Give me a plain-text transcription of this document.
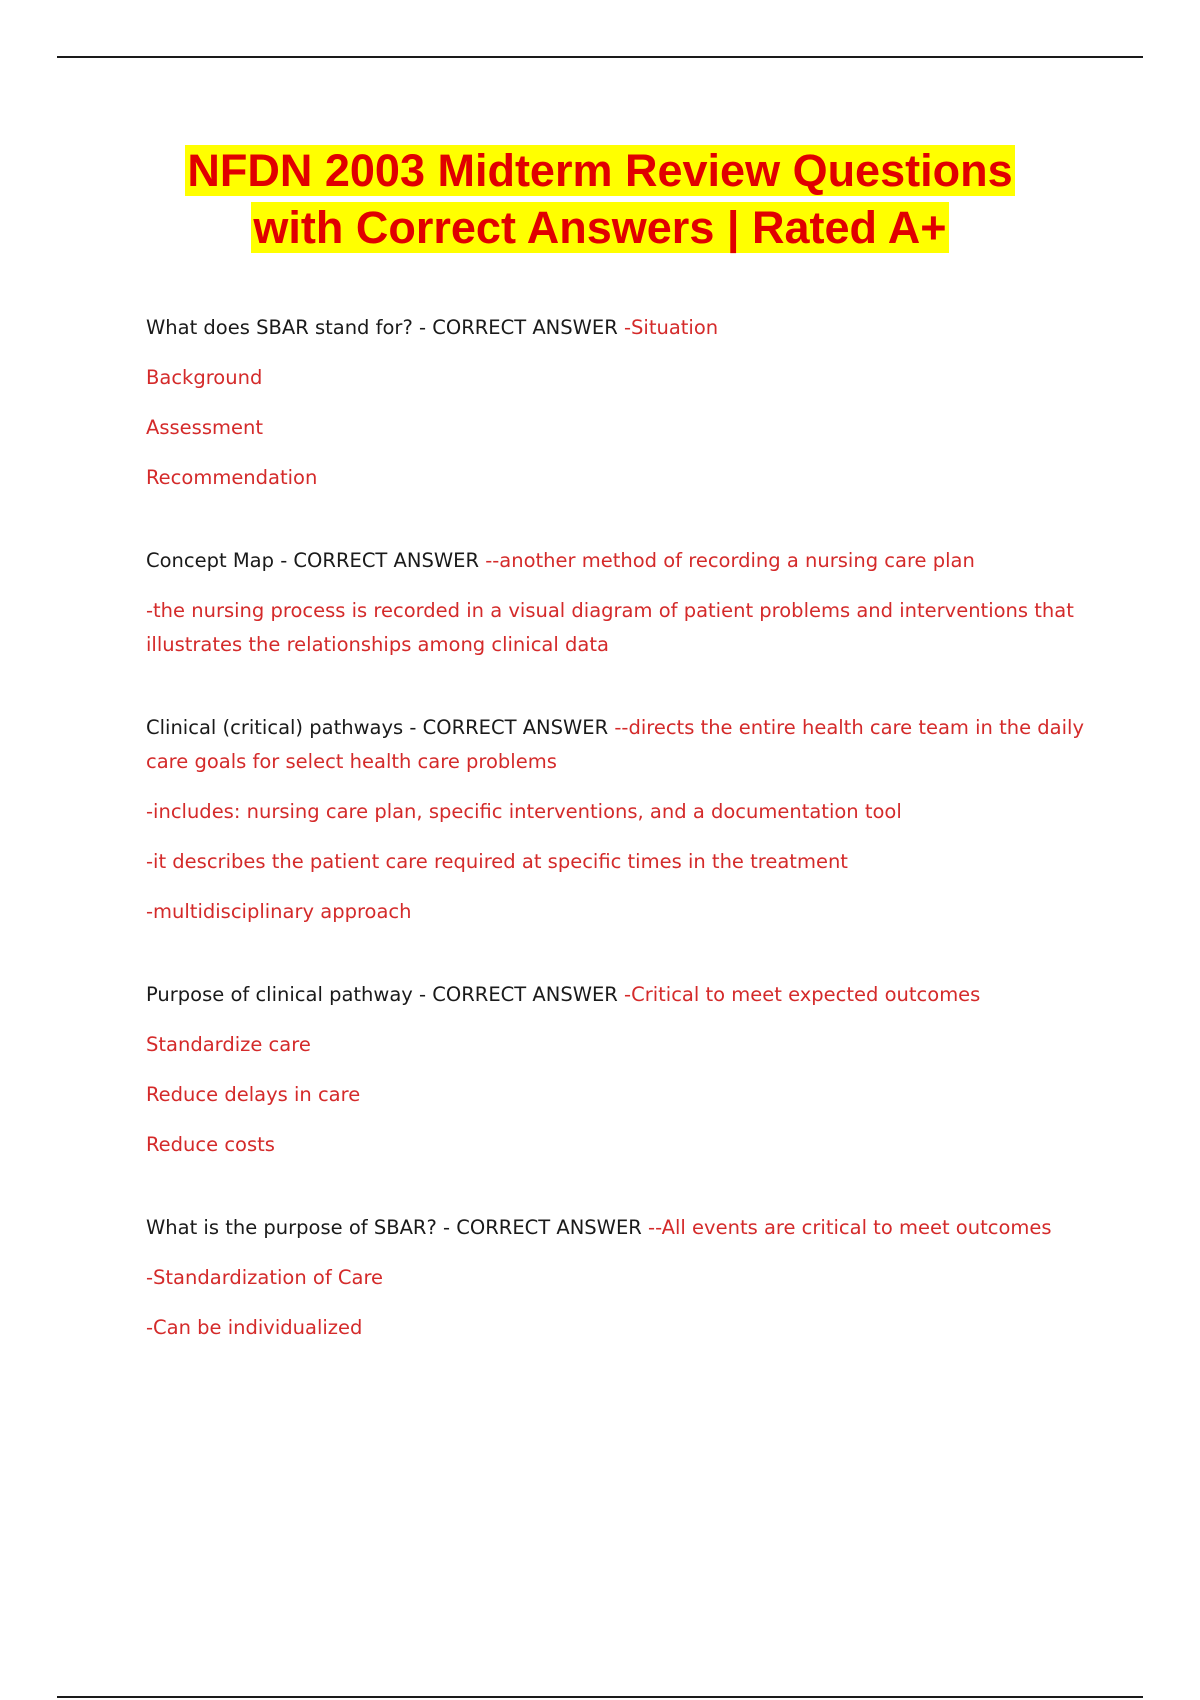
NFDN 2003 Midterm Review Questions
with Correct Answers | Rated A+

What does SBAR stand for? - CORRECT ANSWER -Situation

Background

Assessment

Recommendation

Concept Map - CORRECT ANSWER --another method of recording a nursing care plan

-the nursing process is recorded in a visual diagram of patient problems and interventions that illustrates the relationships among clinical data

Clinical (critical) pathways - CORRECT ANSWER --directs the entire health care team in the daily care goals for select health care problems

-includes: nursing care plan, specific interventions, and a documentation tool

-it describes the patient care required at specific times in the treatment

-multidisciplinary approach

Purpose of clinical pathway - CORRECT ANSWER -Critical to meet expected outcomes

Standardize care

Reduce delays in care

Reduce costs

What is the purpose of SBAR? - CORRECT ANSWER --All events are critical to meet outcomes

-Standardization of Care

-Can be individualized
